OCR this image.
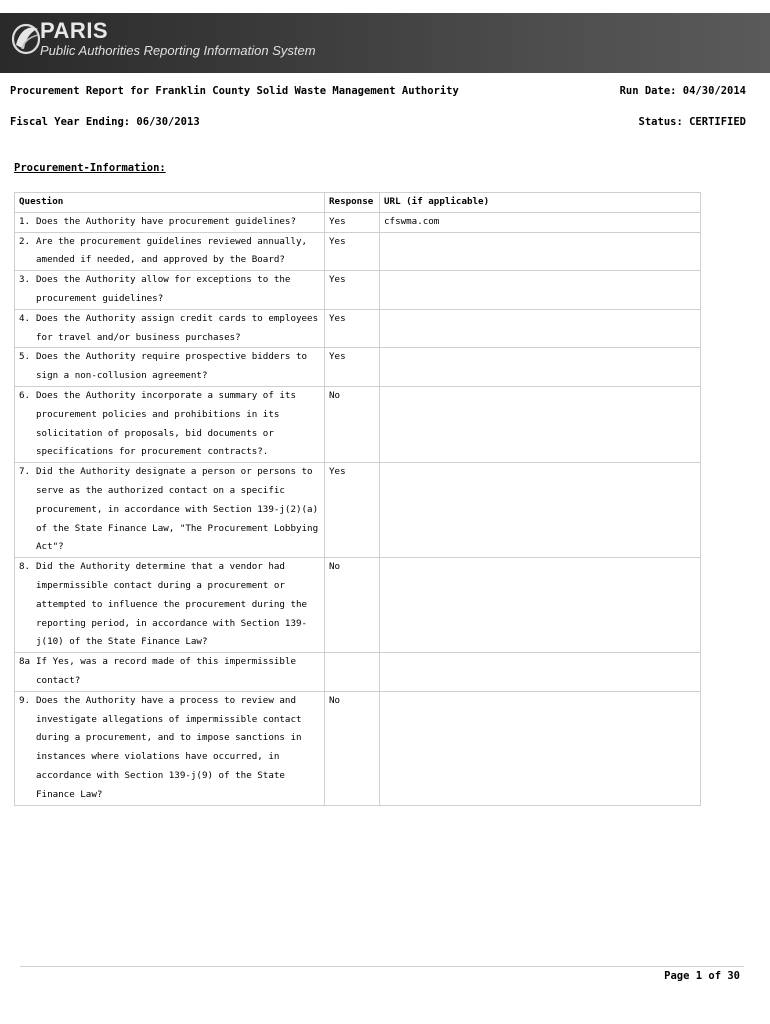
PARIS
Public Authorities Reporting Information System
Procurement Report for Franklin County Solid Waste Management Authority	Run Date: 04/30/2014
Fiscal Year Ending: 06/30/2013	Status: CERTIFIED
Procurement-Information:
Question	Response	URL (if applicable)

1. Does the Authority have procurement guidelines?	Yes	cfswma.com

2. Are the procurement guidelines reviewed annually, amended if needed, and approved by the Board?	Yes	

3. Does the Authority allow for exceptions to the procurement guidelines?	Yes	

4. Does the Authority assign credit cards to employees for travel and/or business purchases?	Yes	

5. Does the Authority require prospective bidders to sign a non-collusion agreement?	Yes	

6. Does the Authority incorporate a summary of its procurement policies and prohibitions in its solicitation of proposals, bid documents or specifications for procurement contracts?.	No	

7. Did the Authority designate a person or persons to serve as the authorized contact on a specific procurement, in accordance with Section 139-j(2)(a) of the State Finance Law, "The Procurement Lobbying Act"?	Yes	

8. Did the Authority determine that a vendor had impermissible contact during a procurement or attempted to influence the procurement during the reporting period, in accordance with Section 139-j(10) of the State Finance Law?	No	

8a If Yes, was a record made of this impermissible contact?		

9. Does the Authority have a process to review and investigate allegations of impermissible contact during a procurement, and to impose sanctions in instances where violations have occurred, in accordance with Section 139-j(9) of the State Finance Law?	No	
Page 1 of 30
